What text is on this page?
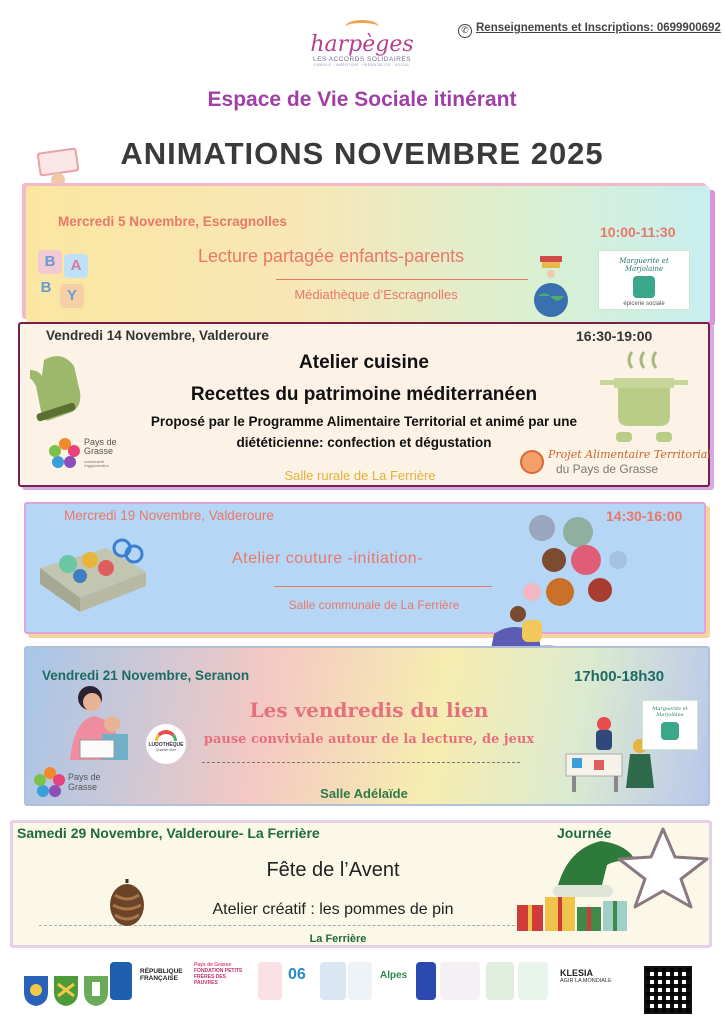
✆ Renseignements et Inscriptions: 0699900692
harpèges
LES ACCORDS SOLIDAIRES
FAMILLE · INSERTION · PARENTALITE · SOCIAL
Espace de Vie Sociale itinérant
ANIMATIONS NOVEMBRE 2025
Mercredi 5 Novembre, Escragnolles
10:00-11:30
Lecture partagée enfants-parents
Médiathèque d’Escragnolles
B	A
B	Y
Marguerite et Marjolaine
épicerie sociale
Vendredi 14 Novembre, Valderoure	16:30-19:00
Atelier cuisine
Recettes du patrimoine méditerranéen
Proposé par le Programme Alimentaire Territorial et animé par une
diététicienne: confection et dégustation
Salle rurale de La Ferrière
Pays de Grasse
communauté d'agglomération
Projet Alimentaire Territorial
du Pays de Grasse
Mercredi 19 Novembre, Valderoure	14:30-16:00
Atelier couture -initiation-
Salle communale de La Ferrière
Vendredi 21 Novembre, Seranon	17h00-18h30
Les vendredis du lien
pause conviviale autour de la lecture, de jeux
Salle Adélaïde
LUDOTHÈQUE
Quartier libre
Pays de Grasse
Marguerite et Marjolaine
Samedi 29 Novembre, Valderoure- La Ferrière	Journée
Fête de l’Avent
Atelier créatif : les pommes de pin
La Ferrière
RÉPUBLIQUE FRANÇAISE
Pays de Grasse
FONDATION PETITS FRÈRES DES PAUVRES	06	Alpes	KLESIA
AGIR LA MONDIALE
